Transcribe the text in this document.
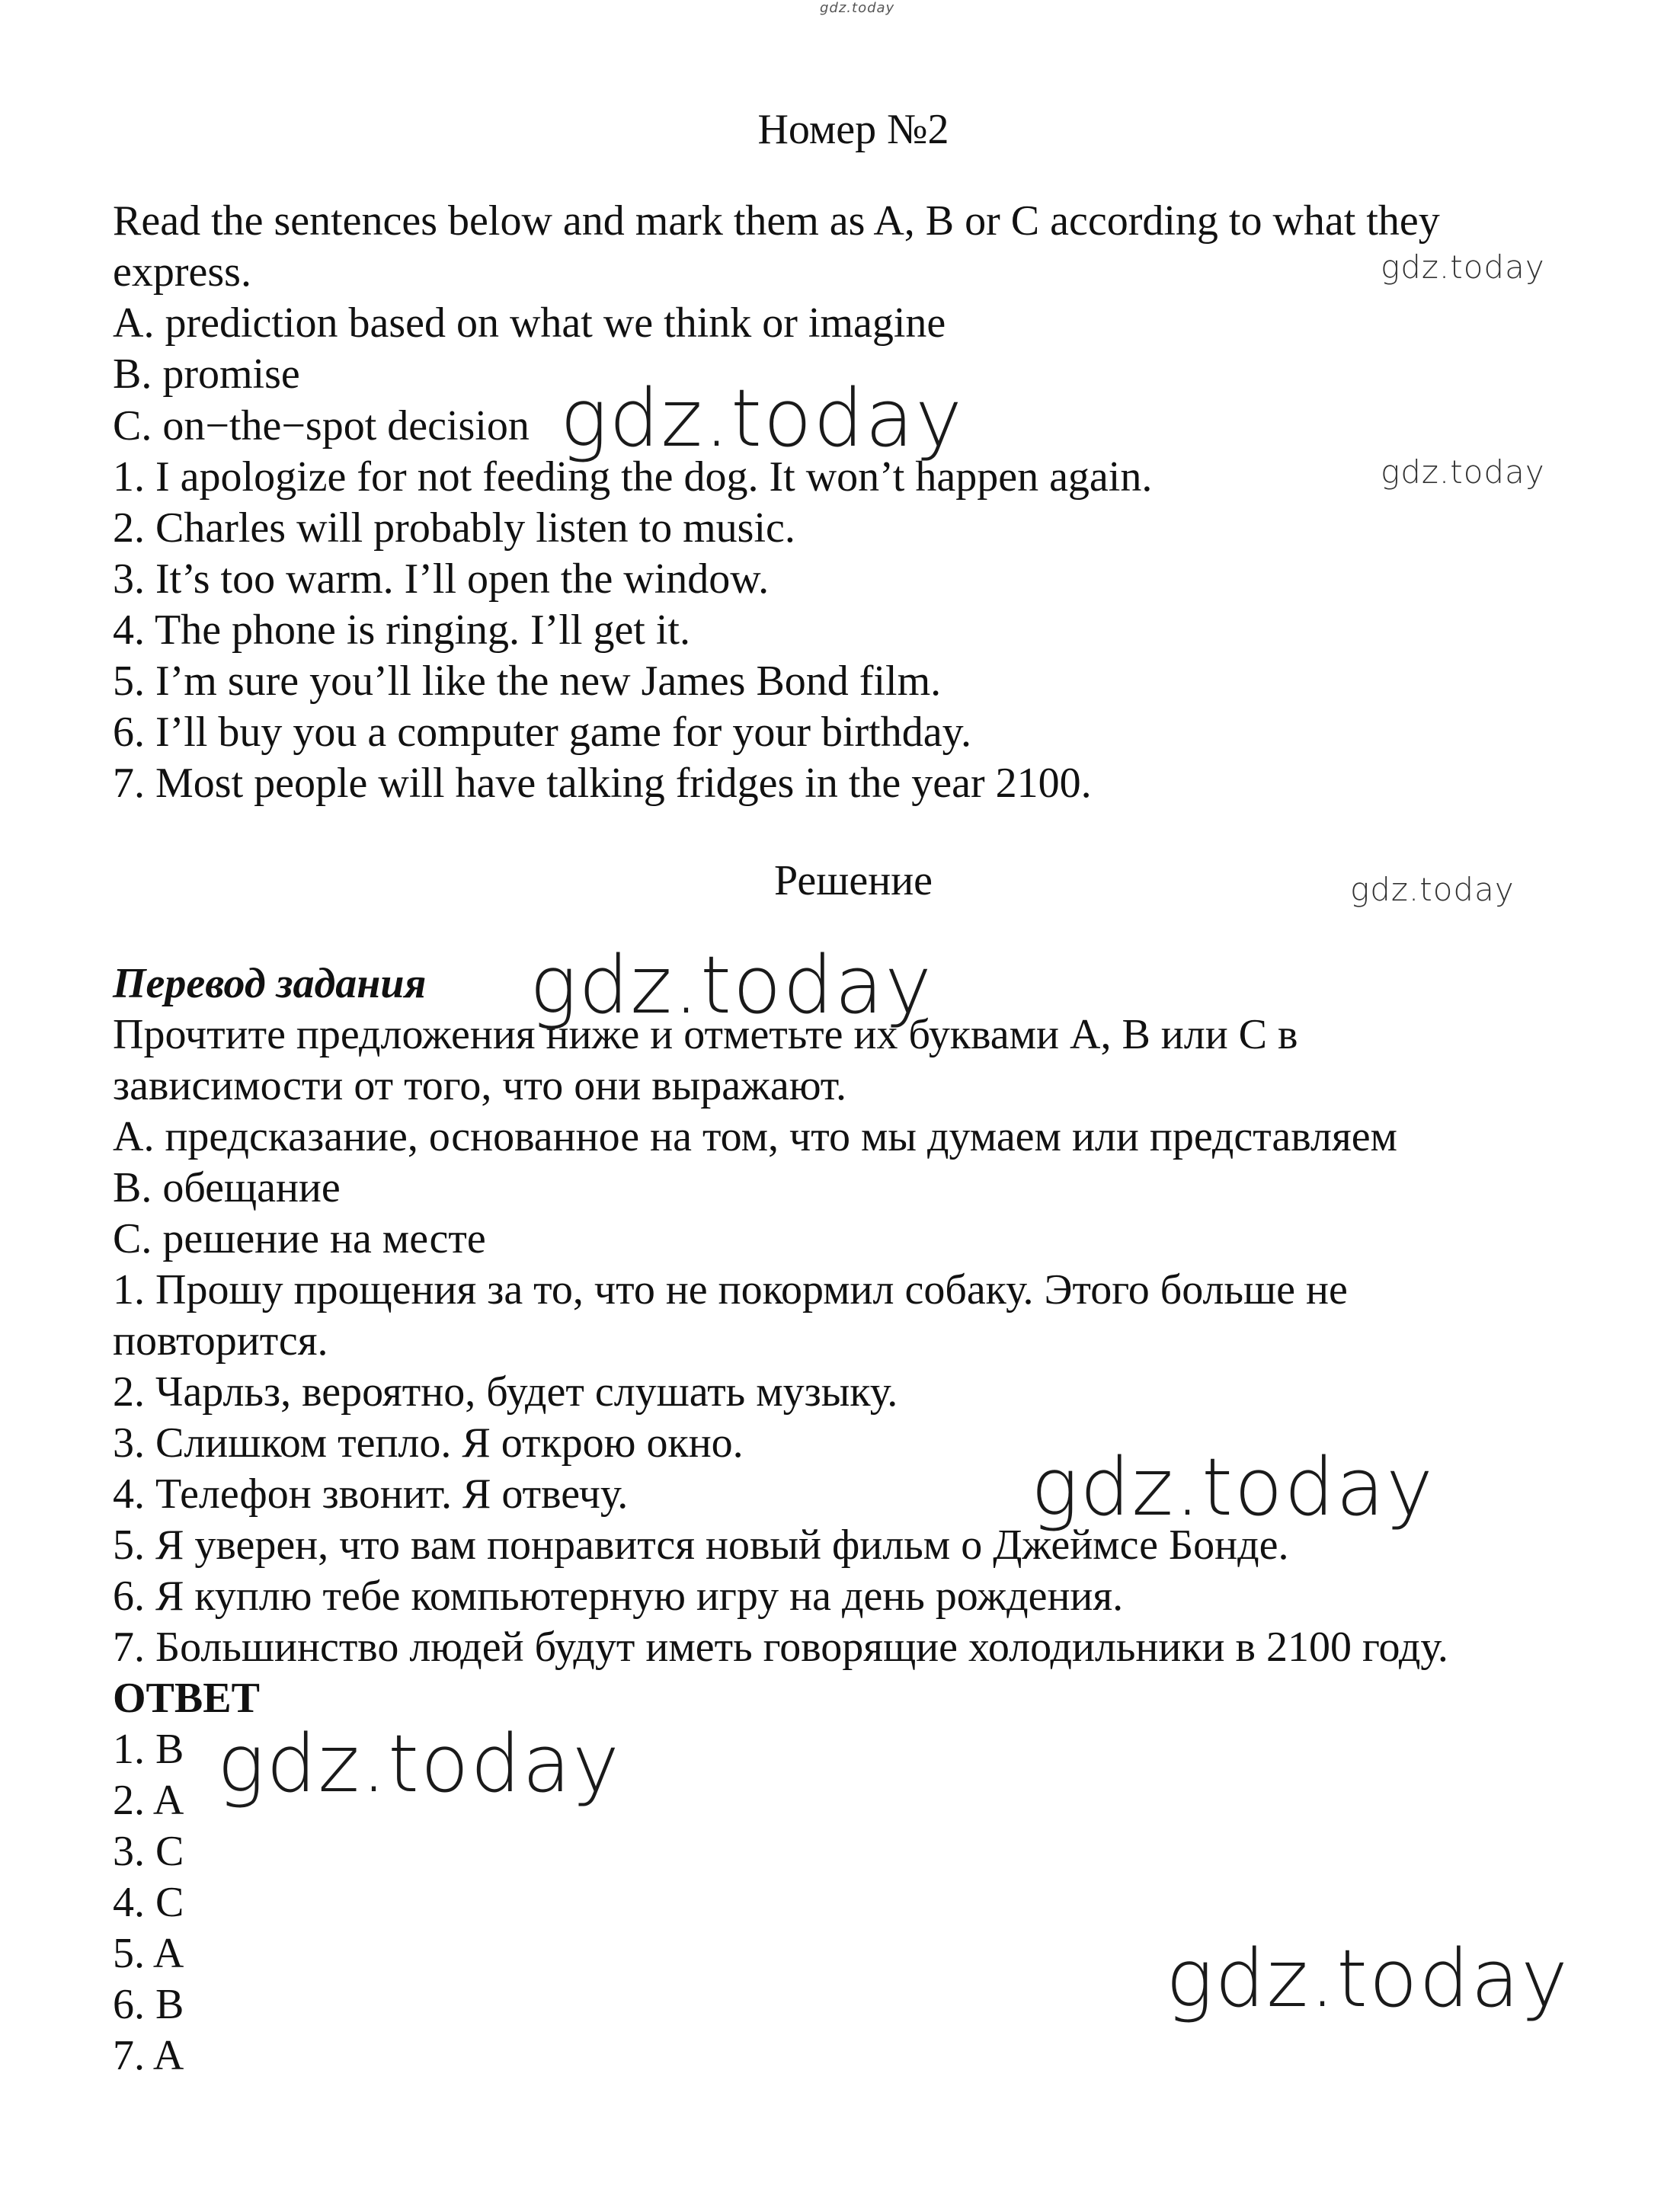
gdz.today
Номер №2
Read the sentences below and mark them as A, B or C according to what they
express.
A. prediction based on what we think or imagine
B. promise
C. on−the−spot decision
1. I apologize for not feeding the dog. It won’t happen again.
2. Charles will probably listen to music.
3. It’s too warm. I’ll open the window.
4. The phone is ringing. I’ll get it.
5. I’m sure you’ll like the new James Bond film.
6. I’ll buy you a computer game for your birthday.
7. Most people will have talking fridges in the year 2100.
Решение
Перевод задания
Прочтите предложения ниже и отметьте их буквами A, B или C в
зависимости от того, что они выражают.
A. предсказание, основанное на том, что мы думаем или представляем
B. обещание
C. решение на месте
1. Прошу прощения за то, что не покормил собаку. Этого больше не
повторится.
2. Чарльз, вероятно, будет слушать музыку.
3. Слишком тепло. Я открою окно.
4. Телефон звонит. Я отвечу.
5. Я уверен, что вам понравится новый фильм о Джеймсе Бонде.
6. Я куплю тебе компьютерную игру на день рождения.
7. Большинство людей будут иметь говорящие холодильники в 2100 году.
ОТВЕТ
1. B
2. A
3. C
4. C
5. A
6. B
7. A
gdz.today
gdz.today
gdz.today
gdz.today
gdz.today
gdz.today
gdz.today
gdz.today
